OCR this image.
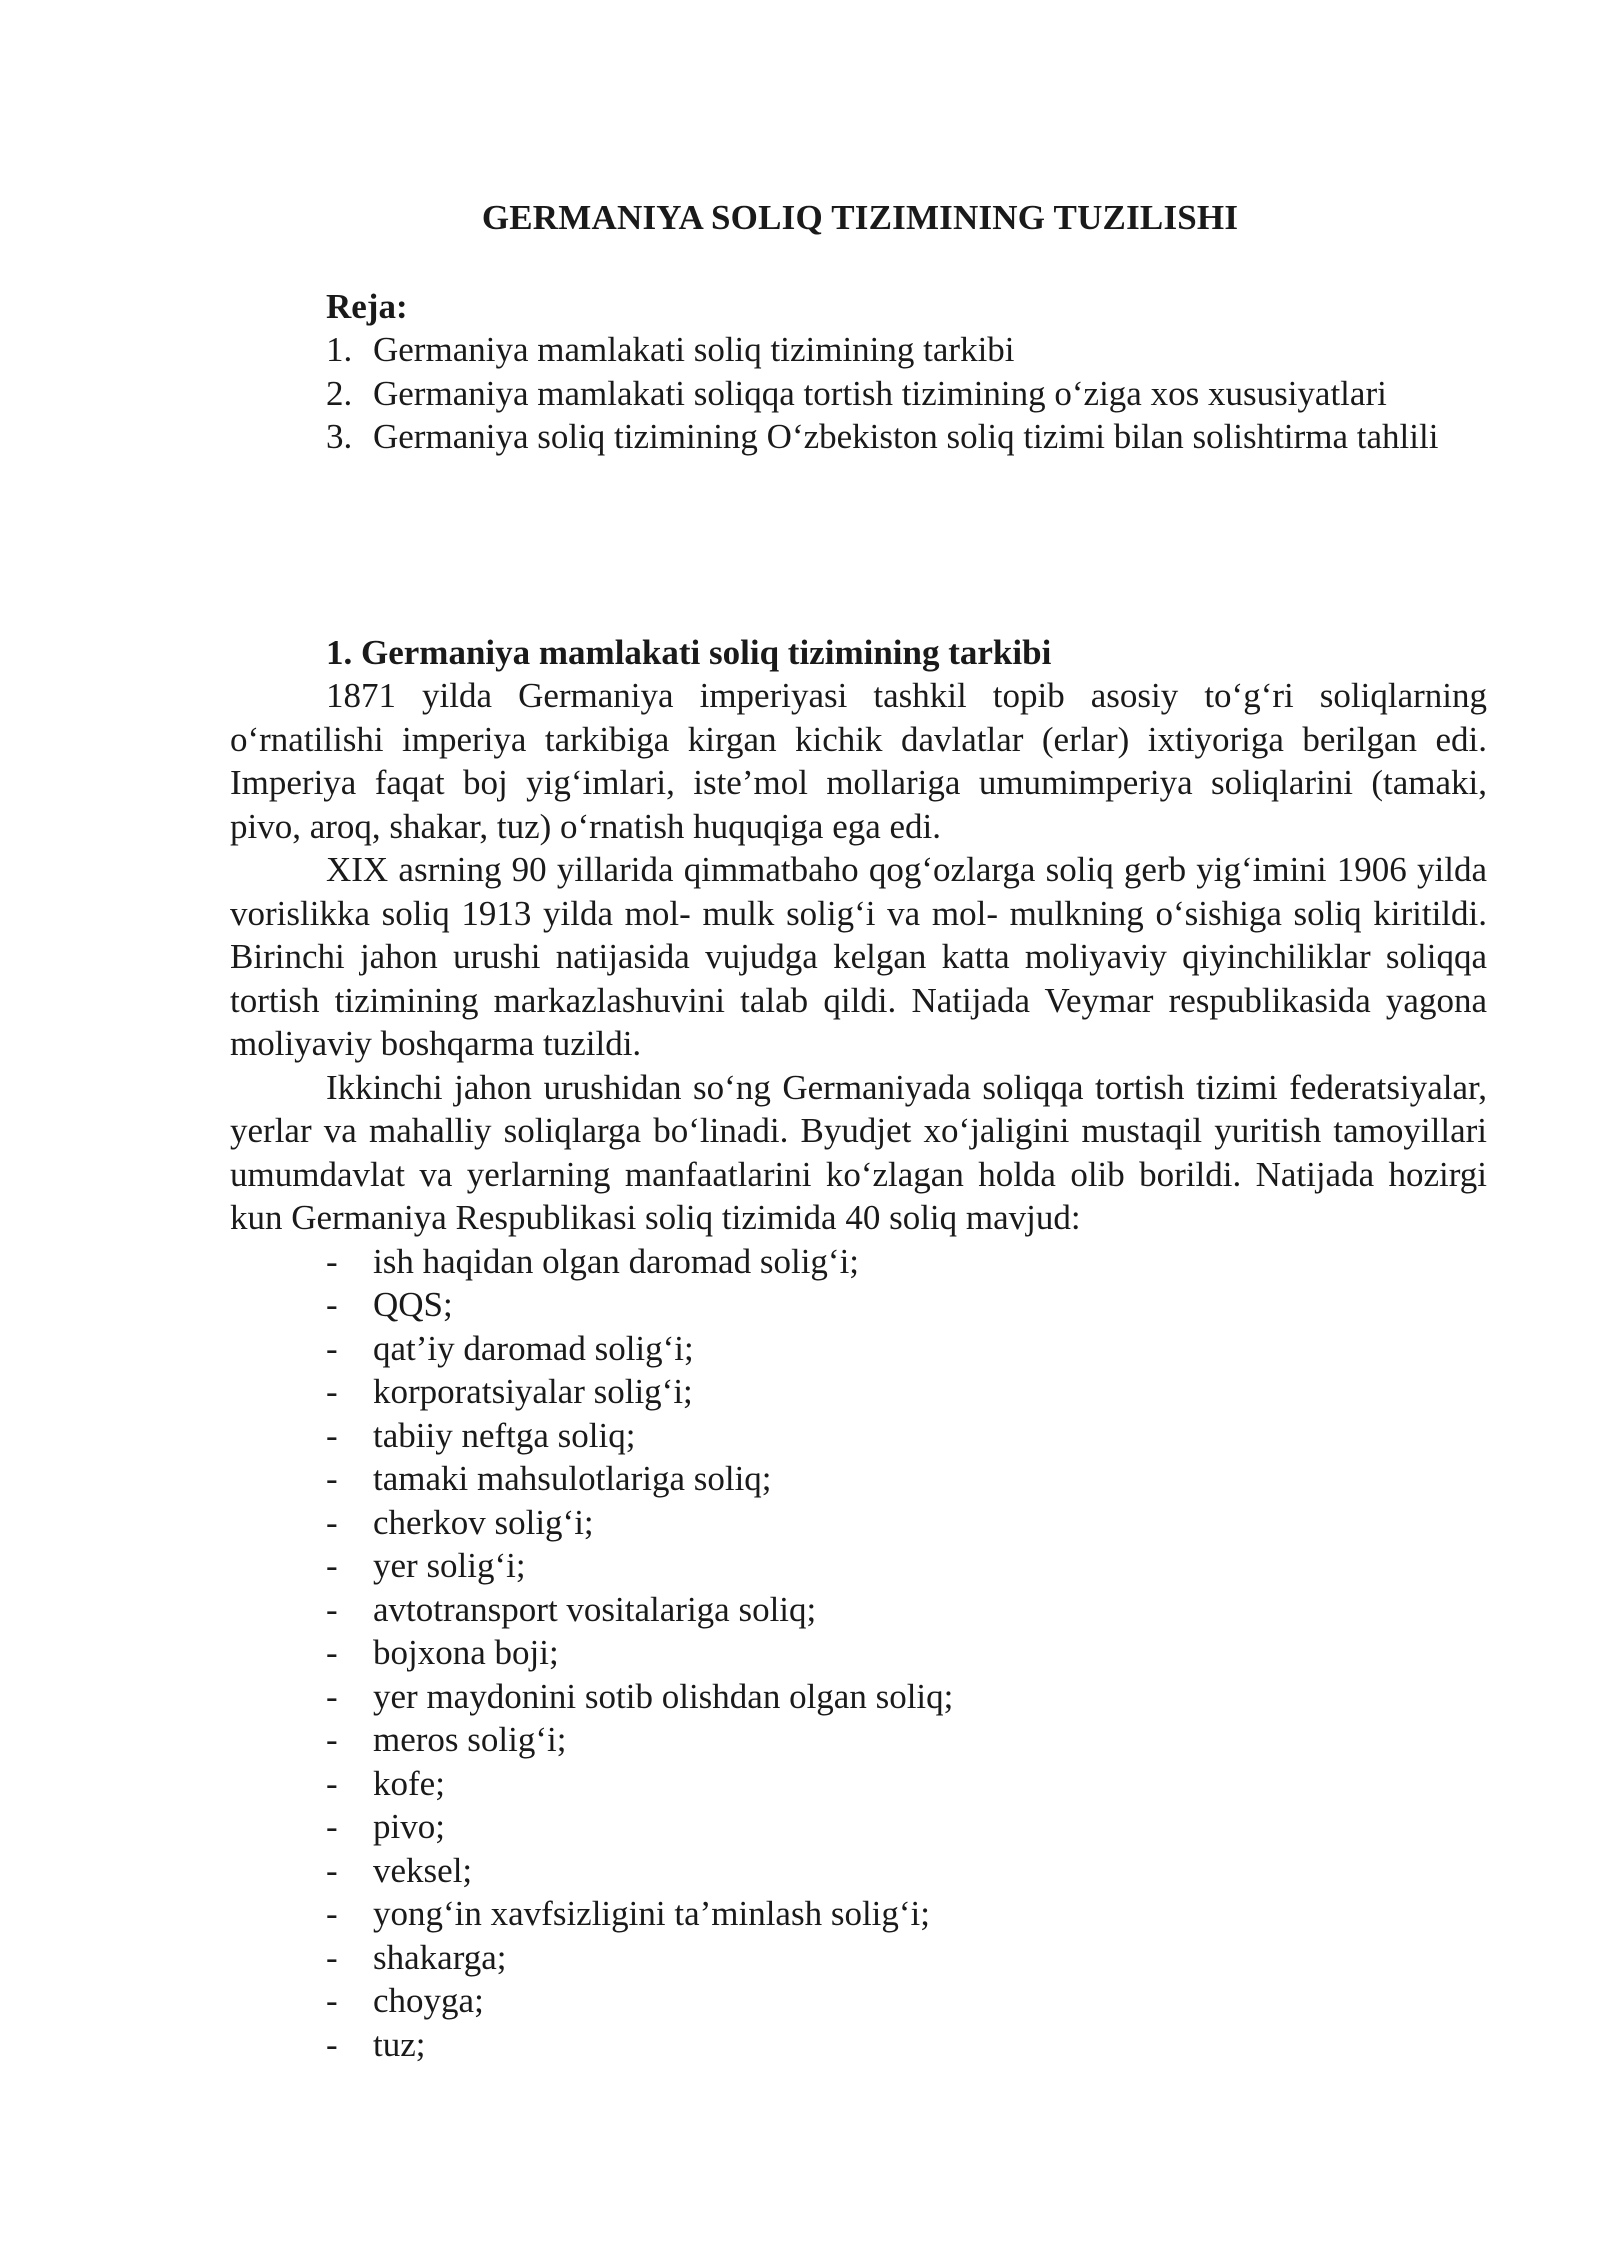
GERMANIYA SOLIQ TIZIMINING TUZILISHI
Reja:
1. Germaniya mamlakati soliq tizimining tarkibi
2. Germaniya mamlakati soliqqa tortish tizimining o‘ziga xos xususiyatlari
3. Germaniya soliq tizimining O‘zbekiston soliq tizimi bilan solishtirma tahlili
1. Germaniya mamlakati soliq tizimining tarkibi

1871 yilda Germaniya imperiyasi tashkil topib asosiy to‘g‘ri soliqlarning o‘rnatilishi imperiya tarkibiga kirgan kichik davlatlar (erlar) ixtiyoriga berilgan edi. Imperiya faqat boj yig‘imlari, iste’mol mollariga umumimperiya soliqlarini (tamaki, pivo, aroq, shakar, tuz) o‘rnatish huquqiga ega edi.

XIX asrning 90 yillarida qimmatbaho qog‘ozlarga soliq gerb yig‘imini 1906 yilda vorislikka soliq 1913 yilda mol- mulk solig‘i va mol- mulkning o‘sishiga soliq kiritildi. Birinchi jahon urushi natijasida vujudga kelgan katta moliyaviy qiyinchiliklar soliqqa tortish tizimining markazlashuvini talab qildi. Natijada Veymar respublikasida yagona moliyaviy boshqarma tuzildi.

Ikkinchi jahon urushidan so‘ng Germaniyada soliqqa tortish tizimi federatsiyalar, yerlar va mahalliy soliqlarga bo‘linadi. Byudjet xo‘jaligini mustaqil yuritish tamoyillari umumdavlat va yerlarning manfaatlarini ko‘zlagan holda olib borildi. Natijada hozirgi kun Germaniya Respublikasi soliq tizimida 40 soliq mavjud:

- ish haqidan olgan daromad solig‘i;
- QQS;
- qat’iy daromad solig‘i;
- korporatsiyalar solig‘i;
- tabiiy neftga soliq;
- tamaki mahsulotlariga soliq;
- cherkov solig‘i;
- yer solig‘i;
- avtotransport vositalariga soliq;
- bojxona boji;
- yer maydonini sotib olishdan olgan soliq;
- meros solig‘i;
- kofe;
- pivo;
- veksel;
- yong‘in xavfsizligini ta’minlash solig‘i;
- shakarga;
- choyga;
- tuz;
